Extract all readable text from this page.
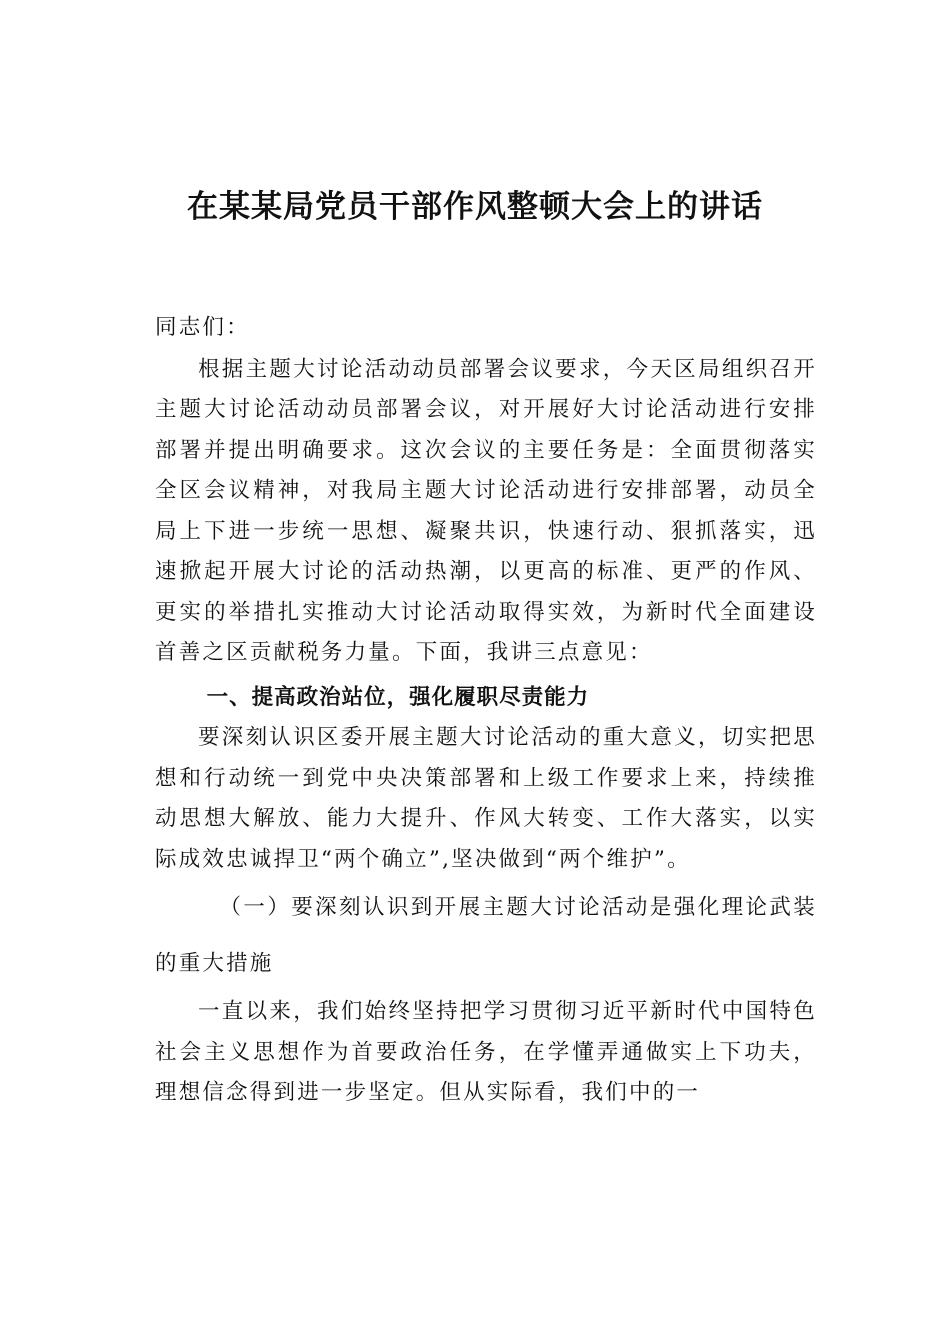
在某某局党员干部作风整顿大会上的讲话

同志们：

根据主题大讨论活动动员部署会议要求，今天区局组织召开主题大讨论活动动员部署会议，对开展好大讨论活动进行安排部署并提出明确要求。这次会议的主要任务是：全面贯彻落实全区会议精神，对我局主题大讨论活动进行安排部署，动员全局上下进一步统一思想、凝聚共识，快速行动、狠抓落实，迅速掀起开展大讨论的活动热潮，以更高的标准、更严的作风、更实的举措扎实推动大讨论活动取得实效，为新时代全面建设首善之区贡献税务力量。下面，我讲三点意见：

一、提高政治站位，强化履职尽责能力

要深刻认识区委开展主题大讨论活动的重大意义，切实把思想和行动统一到党中央决策部署和上级工作要求上来，持续推动思想大解放、能力大提升、作风大转变、工作大落实，以实际成效忠诚捍卫“两个确立”,坚决做到“两个维护”。

（一）要深刻认识到开展主题大讨论活动是强化理论武装的重大措施

一直以来，我们始终坚持把学习贯彻习近平新时代中国特色社会主义思想作为首要政治任务，在学懂弄通做实上下功夫，理想信念得到进一步坚定。但从实际看，我们中的一
